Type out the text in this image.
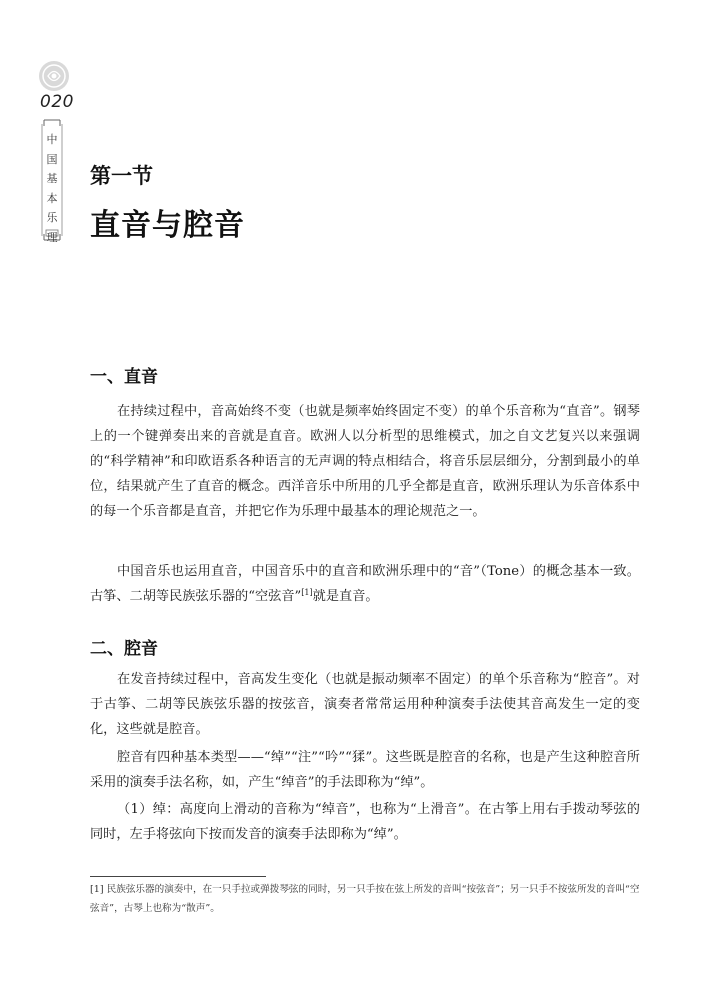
020
中
国
基
本
乐
理
第一节
直音与腔音
一、直音
在持续过程中，音高始终不变（也就是频率始终固定不变）的单个乐音称为“直音”。钢琴上的一个键弹奏出来的音就是直音。欧洲人以分析型的思维模式，加之自文艺复兴以来强调的“科学精神”和印欧语系各种语言的无声调的特点相结合，将音乐层层细分，分割到最小的单位，结果就产生了直音的概念。西洋音乐中所用的几乎全都是直音，欧洲乐理认为乐音体系中的每一个乐音都是直音，并把它作为乐理中最基本的理论规范之一。
中国音乐也运用直音，中国音乐中的直音和欧洲乐理中的“音”（Tone）的概念基本一致。古筝、二胡等民族弦乐器的“空弦音”[1]就是直音。
二、腔音
在发音持续过程中，音高发生变化（也就是振动频率不固定）的单个乐音称为“腔音”。对于古筝、二胡等民族弦乐器的按弦音，演奏者常常运用种种演奏手法使其音高发生一定的变化，这些就是腔音。
腔音有四种基本类型——“绰”“注”“吟”“猱”。这些既是腔音的名称，也是产生这种腔音所采用的演奏手法名称，如，产生“绰音”的手法即称为“绰”。
（1）绰：高度向上滑动的音称为“绰音”，也称为“上滑音”。在古筝上用右手拨动琴弦的同时，左手将弦向下按而发音的演奏手法即称为“绰”。
[1] 民族弦乐器的演奏中，在一只手拉或弹拨琴弦的同时，另一只手按在弦上所发的音叫“按弦音”；另一只手不按弦所发的音叫“空弦音”，古琴上也称为“散声”。
